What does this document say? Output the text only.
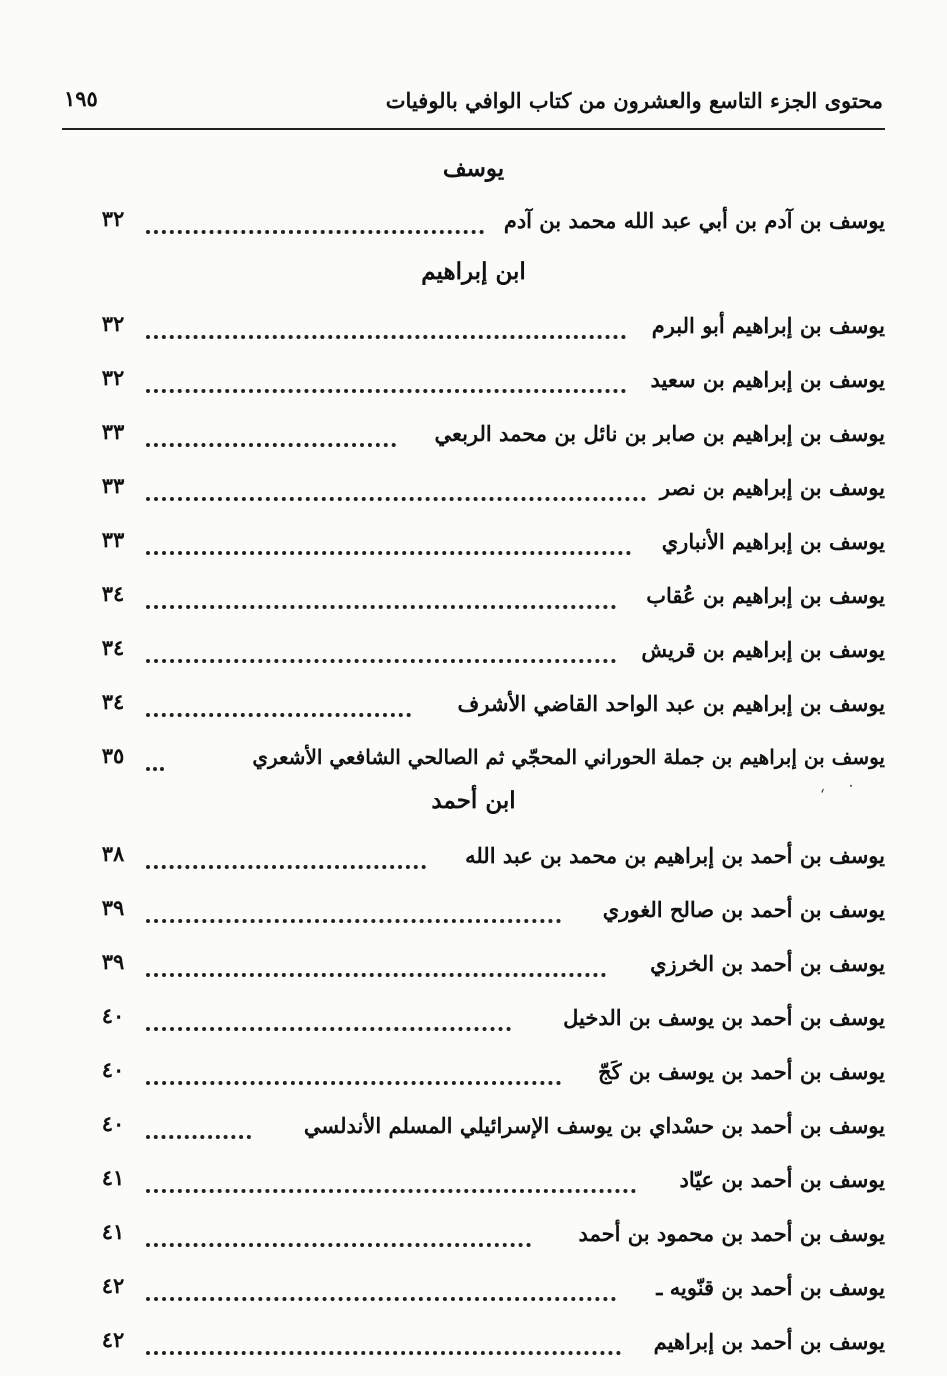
محتوى الجزء التاسع والعشرون من كتاب الوافي بالوفيات
١٩٥
يوسف
يوسف بن آدم بن أبي عبد الله محمد بن آدم
٣٢
ابن إبراهيم
يوسف بن إبراهيم أبو البرم
٣٢
يوسف بن إبراهيم بن سعيد
٣٢
يوسف بن إبراهيم بن صابر بن نائل بن محمد الربعي
٣٣
يوسف بن إبراهيم بن نصر
٣٣
يوسف بن إبراهيم الأنباري
٣٣
يوسف بن إبراهيم بن عُقاب
٣٤
يوسف بن إبراهيم بن قريش
٣٤
يوسف بن إبراهيم بن عبد الواحد القاضي الأشرف
٣٤
يوسف بن إبراهيم بن جملة الحوراني المحجّي ثم الصالحي الشافعي الأشعري
٣٥
٠
‘
ابن أحمد
يوسف بن أحمد بن إبراهيم بن محمد بن عبد الله
٣٨
يوسف بن أحمد بن صالح الغوري
٣٩
يوسف بن أحمد بن الخرزي
٣٩
يوسف بن أحمد بن يوسف بن الدخيل
٤٠
يوسف بن أحمد بن يوسف بن كَجّ
٤٠
يوسف بن أحمد بن حسْداي بن يوسف الإسرائيلي المسلم الأندلسي
٤٠
يوسف بن أحمد بن عيّاد
٤١
يوسف بن أحمد بن محمود بن أحمد
٤١
يوسف بن أحمد بن قنّويه ـ
٤٢
يوسف بن أحمد بن إبراهيم
٤٢
